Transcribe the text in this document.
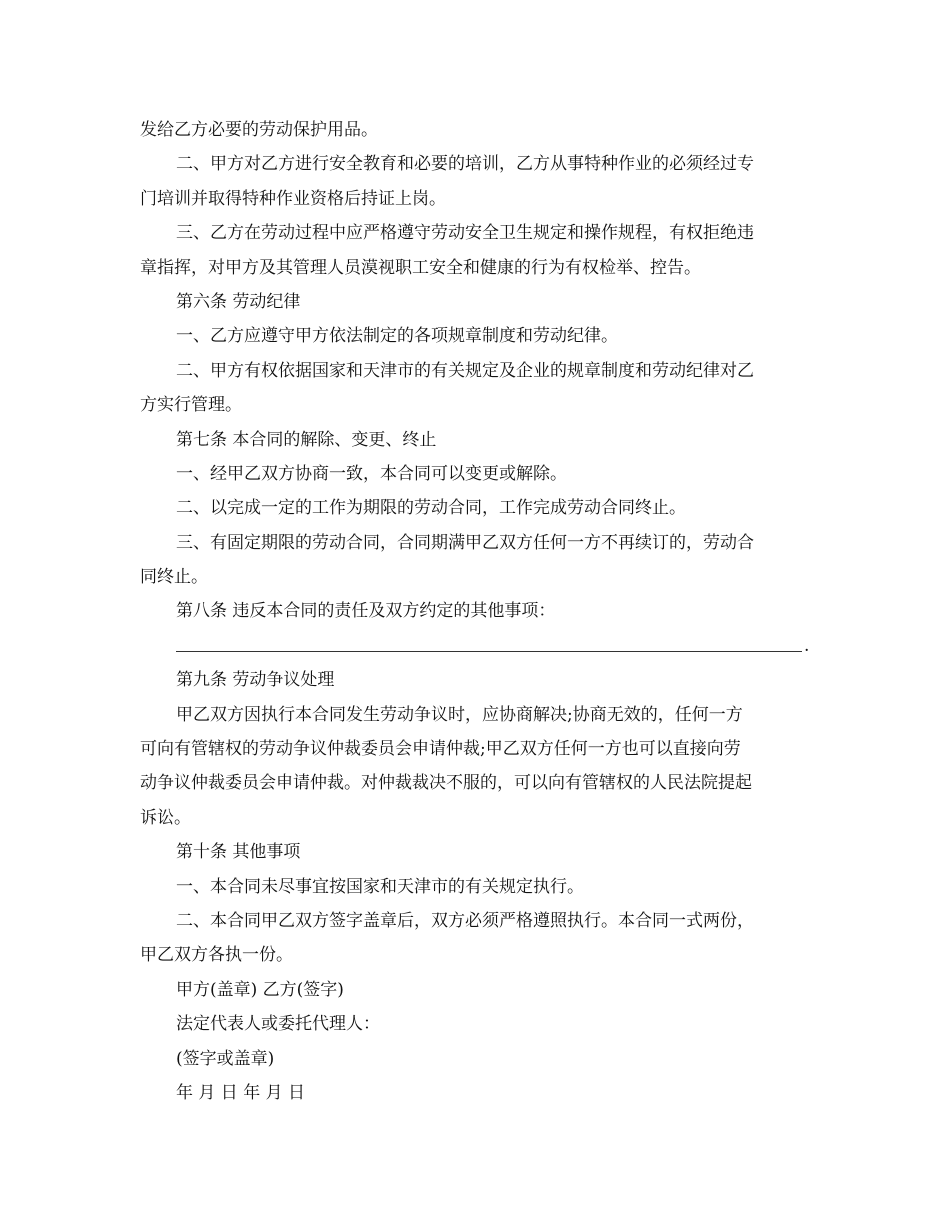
发给乙方必要的劳动保护用品。
二、甲方对乙方进行安全教育和必要的培训，乙方从事特种作业的必须经过专
门培训并取得特种作业资格后持证上岗。
三、乙方在劳动过程中应严格遵守劳动安全卫生规定和操作规程，有权拒绝违
章指挥，对甲方及其管理人员漠视职工安全和健康的行为有权检举、控告。
第六条 劳动纪律
一、乙方应遵守甲方依法制定的各项规章制度和劳动纪律。
二、甲方有权依据国家和天津市的有关规定及企业的规章制度和劳动纪律对乙
方实行管理。
第七条 本合同的解除、变更、终止
一、经甲乙双方协商一致，本合同可以变更或解除。
二、以完成一定的工作为期限的劳动合同，工作完成劳动合同终止。
三、有固定期限的劳动合同，合同期满甲乙双方任何一方不再续订的，劳动合
同终止。
第八条 违反本合同的责任及双方约定的其他事项：
.
第九条 劳动争议处理
甲乙双方因执行本合同发生劳动争议时，应协商解决;协商无效的，任何一方
可向有管辖权的劳动争议仲裁委员会申请仲裁;甲乙双方任何一方也可以直接向劳
动争议仲裁委员会申请仲裁。对仲裁裁决不服的，可以向有管辖权的人民法院提起
诉讼。
第十条 其他事项
一、本合同未尽事宜按国家和天津市的有关规定执行。
二、本合同甲乙双方签字盖章后，双方必须严格遵照执行。本合同一式两份，
甲乙双方各执一份。
甲方(盖章) 乙方(签字)
法定代表人或委托代理人：
(签字或盖章)
年 月 日 年 月 日
